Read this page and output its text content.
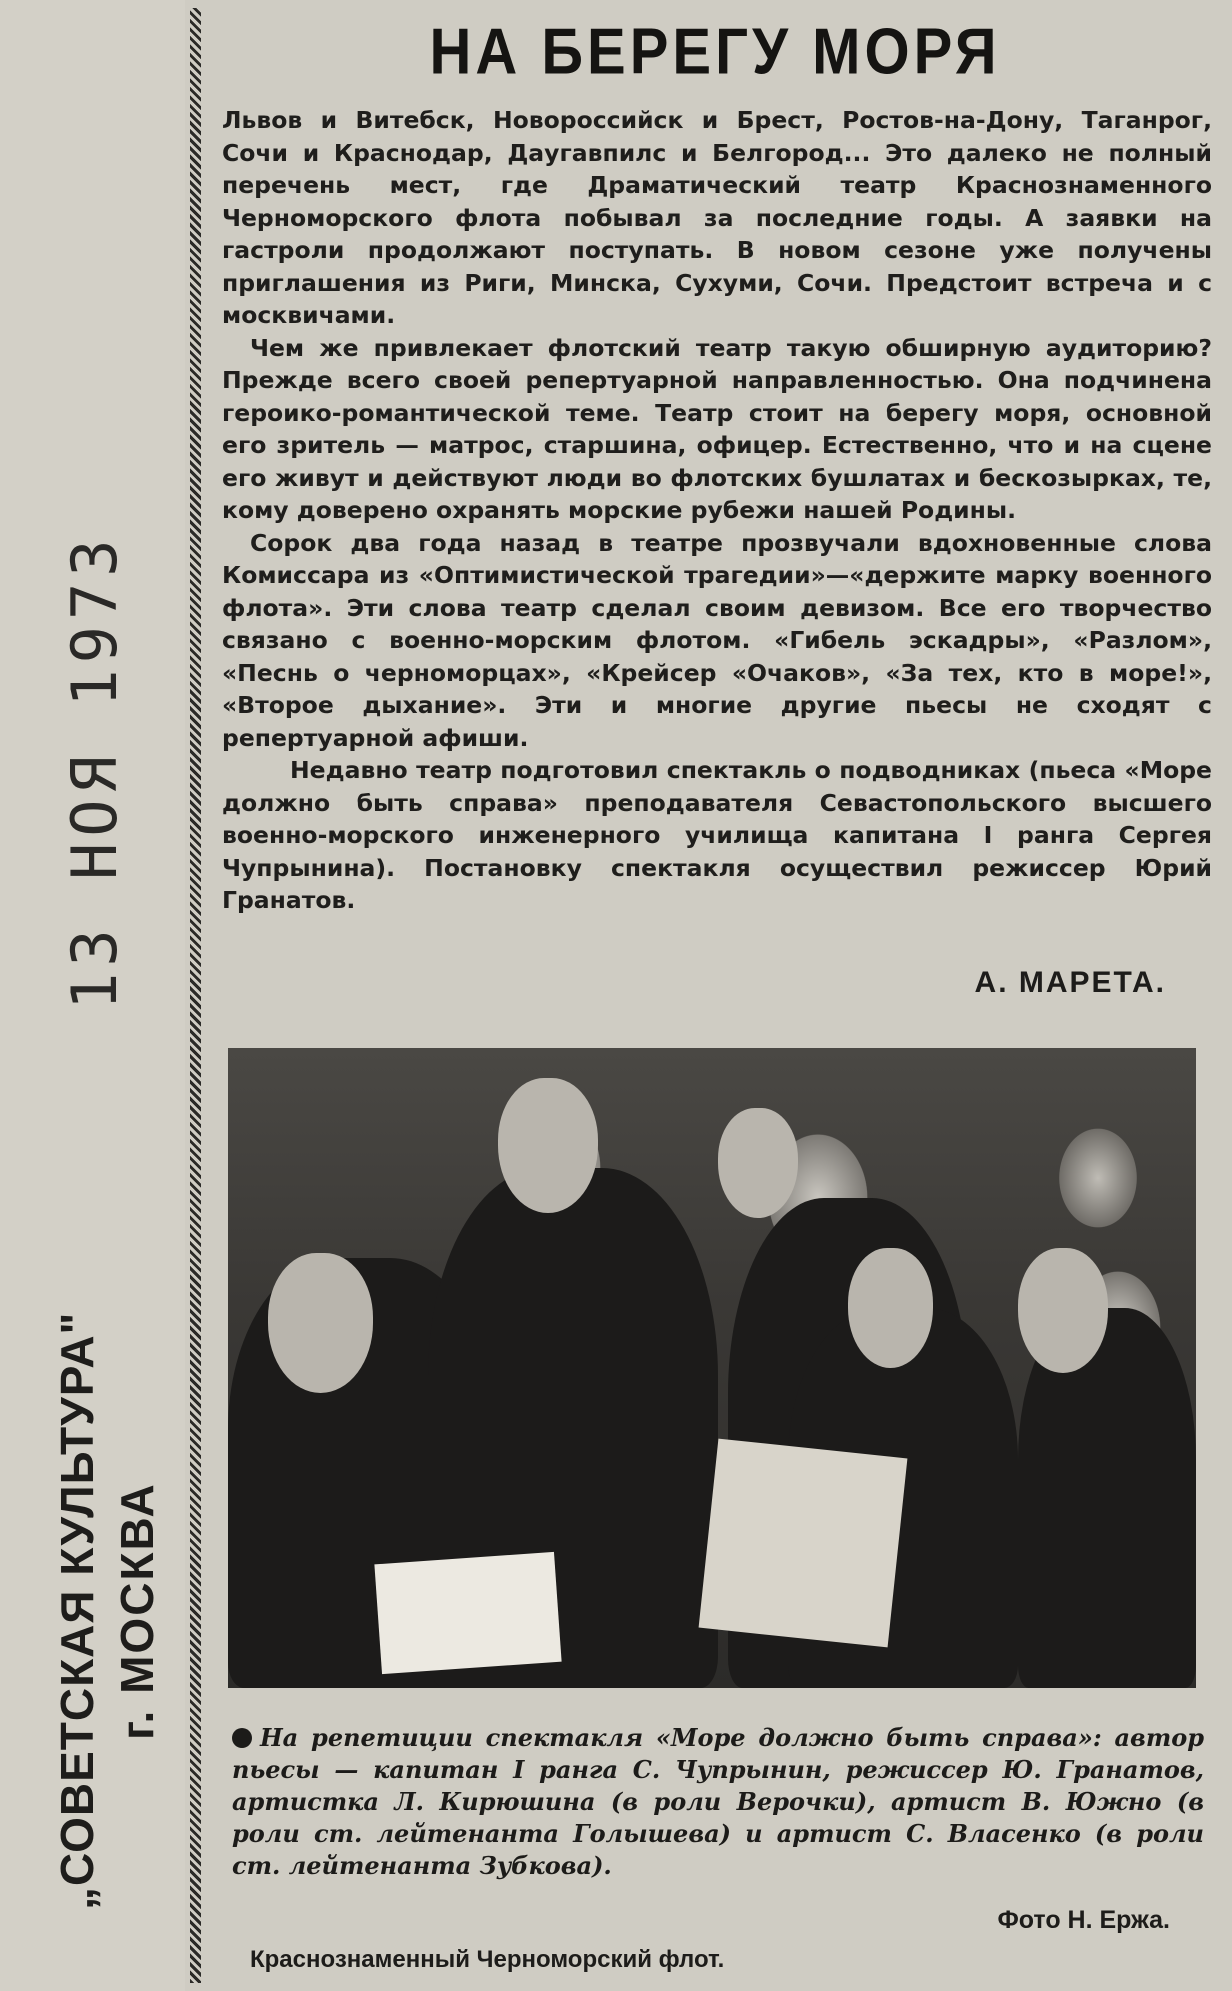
13 НОЯ 1973
„СОВЕТСКАЯ КУЛЬТУРА" г. МОСКВА
НА БЕРЕГУ МОРЯ

Львов и Витебск, Новороссийск и Брест, Ростов-на-Дону, Таганрог, Сочи и Краснодар, Даугавпилс и Белгород... Это далеко не полный перечень мест, где Драматический театр Краснознаменного Черноморского флота побывал за последние годы. А заявки на гастроли продолжают поступать. В новом сезоне уже получены приглашения из Риги, Минска, Сухуми, Сочи. Предстоит встреча и с москвичами.

Чем же привлекает флотский театр такую обширную аудиторию? Прежде всего своей репертуарной направленностью. Она подчинена героико-романтической теме. Театр стоит на берегу моря, основной его зритель — матрос, старшина, офицер. Естественно, что и на сцене его живут и действуют люди во флотских бушлатах и бескозырках, те, кому доверено охранять морские рубежи нашей Родины.

Сорок два года назад в театре прозвучали вдохновенные слова Комиссара из «Оптимистической трагедии»—«держите марку военного флота». Эти слова театр сделал своим девизом. Все его творчество связано с военно-морским флотом. «Гибель эскадры», «Разлом», «Песнь о черноморцах», «Крейсер «Очаков», «За тех, кто в море!», «Второе дыхание». Эти и многие другие пьесы не сходят с репертуарной афиши.

Недавно театр подготовил спектакль о подводниках (пьеса «Море должно быть справа» преподавателя Севастопольского высшего военно-морского инженерного училища капитана I ранга Сергея Чупрынина). Постановку спектакля осуществил режиссер Юрий Гранатов.

А. МАРЕТА.
На репетиции спектакля «Море должно быть справа»: автор пьесы — капитан I ранга С. Чупрынин, режиссер Ю. Гранатов, артистка Л. Кирюшина (в роли Верочки), артист В. Южно (в роли ст. лейтенанта Голышева) и артист С. Власенко (в роли ст. лейтенанта Зубкова).
Фото Н. Ержа.
Краснознаменный Черноморский флот.
